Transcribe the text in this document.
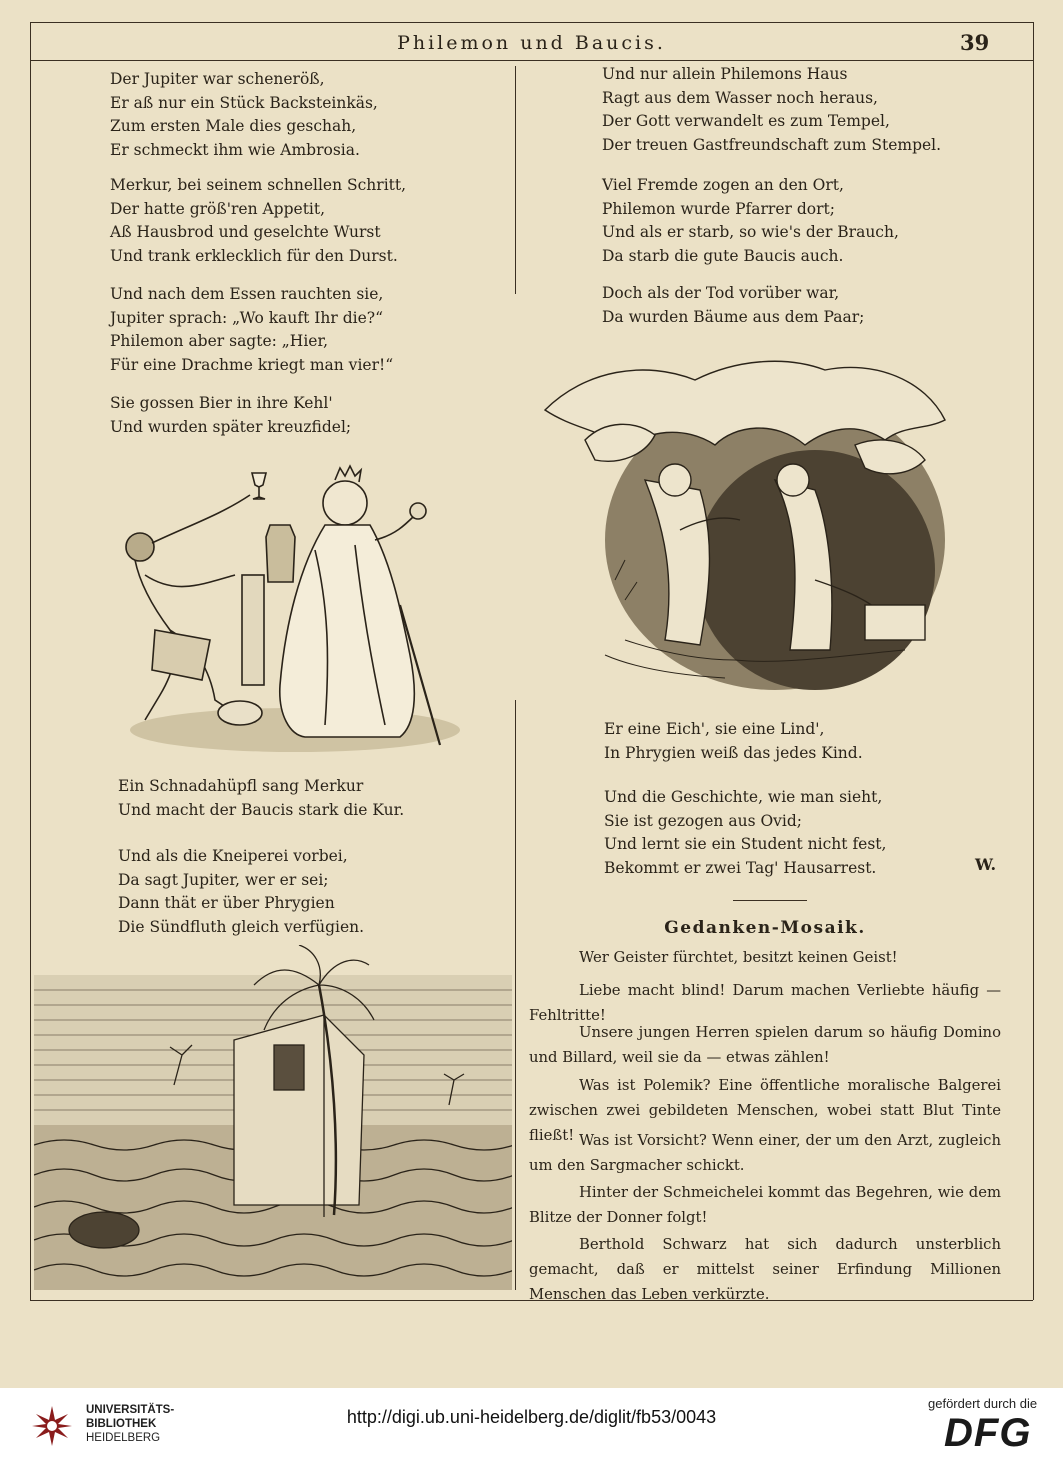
Philemon und Baucis.	39
Der Jupiter war scheneröß,
Er aß nur ein Stück Backsteinkäs,
Zum ersten Male dies geschah,
Er schmeckt ihm wie Ambrosia.
Merkur, bei seinem schnellen Schritt,
Der hatte größ'ren Appetit,
Aß Hausbrod und geselchte Wurst
Und trank erklecklich für den Durst.
Und nach dem Essen rauchten sie,
Jupiter sprach: „Wo kauft Ihr die?“
Philemon aber sagte: „Hier,
Für eine Drachme kriegt man vier!“
Sie gossen Bier in ihre Kehl'
Und wurden später kreuzfidel;
Ein Schnadahüpfl sang Merkur
Und macht der Baucis stark die Kur.
Und als die Kneiperei vorbei,
Da sagt Jupiter, wer er sei;
Dann thät er über Phrygien
Die Sündfluth gleich verfügien.
Und nur allein Philemons Haus
Ragt aus dem Wasser noch heraus,
Der Gott verwandelt es zum Tempel,
Der treuen Gastfreundschaft zum Stempel.
Viel Fremde zogen an den Ort,
Philemon wurde Pfarrer dort;
Und als er starb, so wie's der Brauch,
Da starb die gute Baucis auch.
Doch als der Tod vorüber war,
Da wurden Bäume aus dem Paar;
Er eine Eich', sie eine Lind',
In Phrygien weiß das jedes Kind.
Und die Geschichte, wie man sieht,
Sie ist gezogen aus Ovid;
Und lernt sie ein Student nicht fest,
Bekommt er zwei Tag' Hausarrest.	W.
Gedanken-Mosaik.

Wer Geister fürchtet, besitzt keinen Geist!

Liebe macht blind! Darum machen Verliebte häufig — Fehltritte!

Unsere jungen Herren spielen darum so häufig Domino und Billard, weil sie da — etwas zählen!

Was ist Polemik? Eine öffentliche moralische Balgerei zwischen zwei gebildeten Menschen, wobei statt Blut Tinte fließt! Was ist Vorsicht? Wenn einer, der um den Arzt, zugleich um den Sargmacher schickt.

Hinter der Schmeichelei kommt das Begehren, wie dem Blitze der Donner folgt!

Berthold Schwarz hat sich dadurch unsterblich gemacht, daß er mittelst seiner Erfindung Millionen Menschen das Leben verkürzte.

UNIVERSITÄTS-
BIBLIOTHEK
HEIDELBERG
http://digi.ub.uni-heidelberg.de/diglit/fb53/0043
gefördert durch die
DFG
